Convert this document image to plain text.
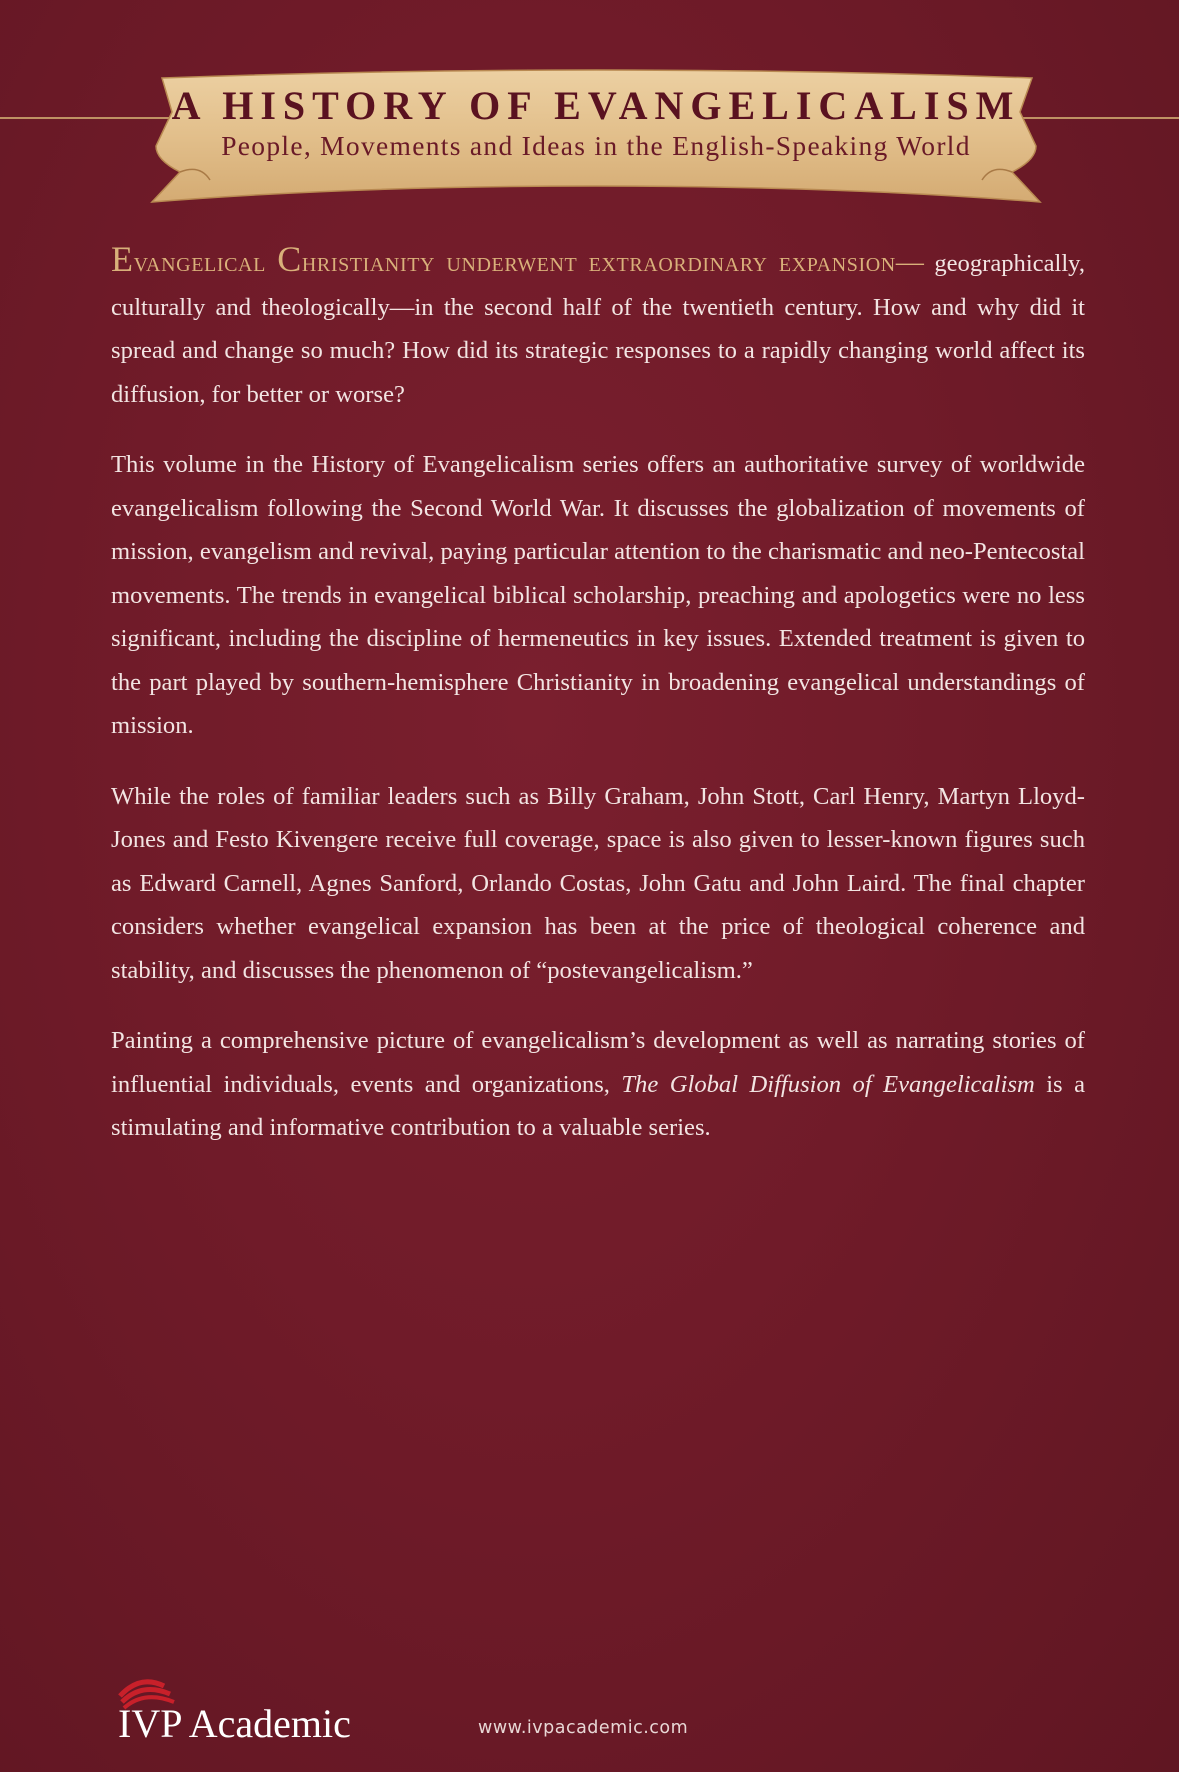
A HISTORY OF EVANGELICALISM

People, Movements and Ideas in the English-Speaking World

Evangelical Christianity underwent extraordinary expansion— geographically, culturally and theologically—in the second half of the twentieth century. How and why did it spread and change so much? How did its strategic responses to a rapidly changing world affect its diffusion, for better or worse?

This volume in the History of Evangelicalism series offers an authoritative survey of worldwide evangelicalism following the Second World War. It discusses the globalization of movements of mission, evangelism and revival, paying particular attention to the charismatic and neo-Pentecostal movements. The trends in evangelical biblical scholarship, preaching and apologetics were no less significant, including the discipline of hermeneutics in key issues. Extended treatment is given to the part played by southern-hemisphere Christianity in broadening evangelical understandings of mission.

While the roles of familiar leaders such as Billy Graham, John Stott, Carl Henry, Martyn Lloyd-Jones and Festo Kivengere receive full coverage, space is also given to lesser-known figures such as Edward Carnell, Agnes Sanford, Orlando Costas, John Gatu and John Laird. The final chapter considers whether evangelical expansion has been at the price of theological coherence and stability, and discusses the phenomenon of “postevangelicalism.”

Painting a comprehensive picture of evangelicalism’s development as well as narrating stories of influential individuals, events and organizations, The Global Diffusion of Evangelicalism is a stimulating and informative contribution to a valuable series.

IVP Academic	www.ivpacademic.com
